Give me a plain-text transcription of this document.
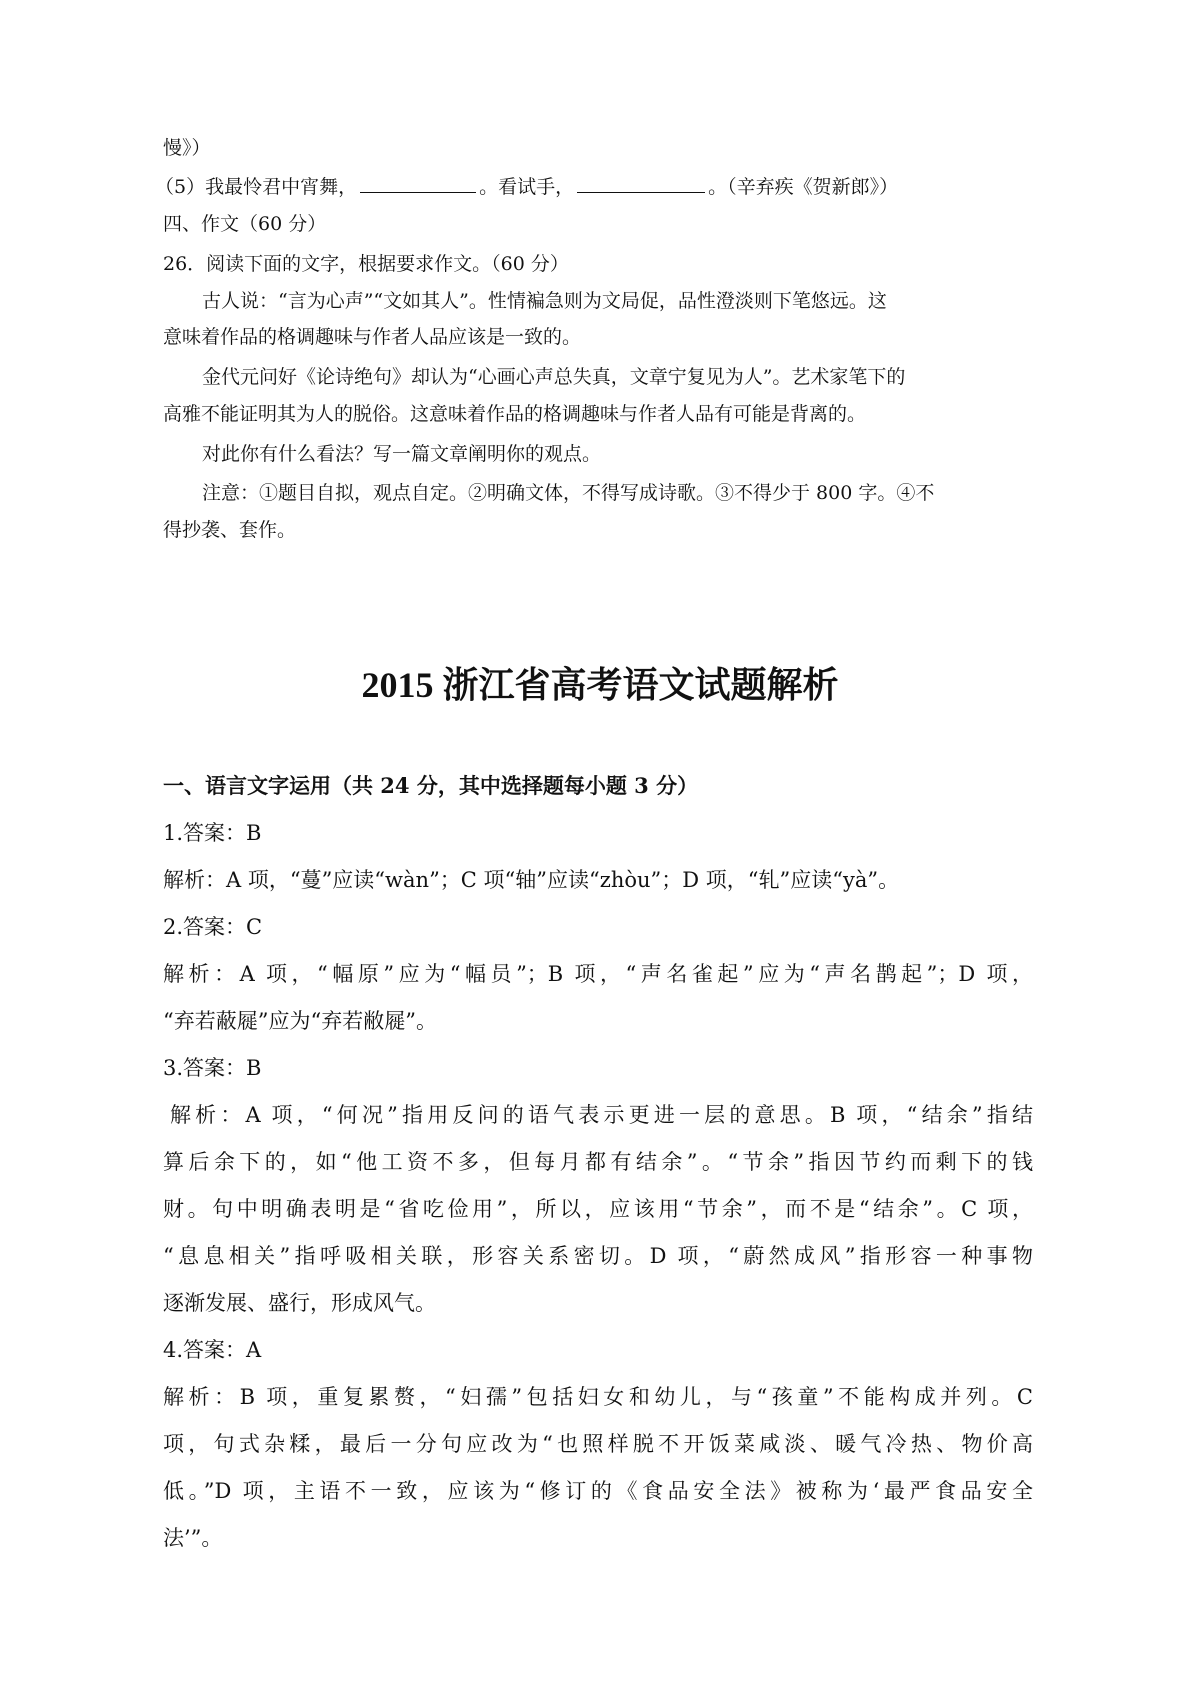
慢》）

（5）我最怜君中宵舞，	。看试手，	。（辛弃疾《贺新郎》）

四、作文（60 分）

26．阅读下面的文字，根据要求作文。（60 分）

古人说：“言为心声”“文如其人”。性情褊急则为文局促，品性澄淡则下笔悠远。这

意味着作品的格调趣味与作者人品应该是一致的。

金代元问好《论诗绝句》却认为“心画心声总失真，文章宁复见为人”。艺术家笔下的

高雅不能证明其为人的脱俗。这意味着作品的格调趣味与作者人品有可能是背离的。

对此你有什么看法？写一篇文章阐明你的观点。

注意：①题目自拟，观点自定。②明确文体，不得写成诗歌。③不得少于 800 字。④不

得抄袭、套作。

2015 浙江省高考语文试题解析

一、语言文字运用（共 24 分，其中选择题每小题 3 分）

1.答案：B

解析：A 项，“蔓”应读“wàn”；C 项“轴”应读“zhòu”；D 项，“轧”应读“yà”。

2.答案：C

解析：A 项，“幅原”应为“幅员”；B 项，“声名雀起”应为“声名鹊起”；D 项，

“弃若蔽屣”应为“弃若敝屣”。

3.答案：B

解析：A 项，“何况”指用反问的语气表示更进一层的意思。B 项，“结余”指结

算后余下的，如“他工资不多，但每月都有结余”。“节余”指因节约而剩下的钱

财。句中明确表明是“省吃俭用”，所以，应该用“节余”，而不是“结余”。C 项，

“息息相关”指呼吸相关联，形容关系密切。D 项，“蔚然成风”指形容一种事物

逐渐发展、盛行，形成风气。

4.答案：A

解析：B 项，重复累赘，“妇孺”包括妇女和幼儿，与“孩童”不能构成并列。C

项，句式杂糅，最后一分句应改为“也照样脱不开饭菜咸淡、暖气冷热、物价高

低。”D 项，主语不一致，应该为“修订的《食品安全法》被称为‘最严食品安全

法’”。
